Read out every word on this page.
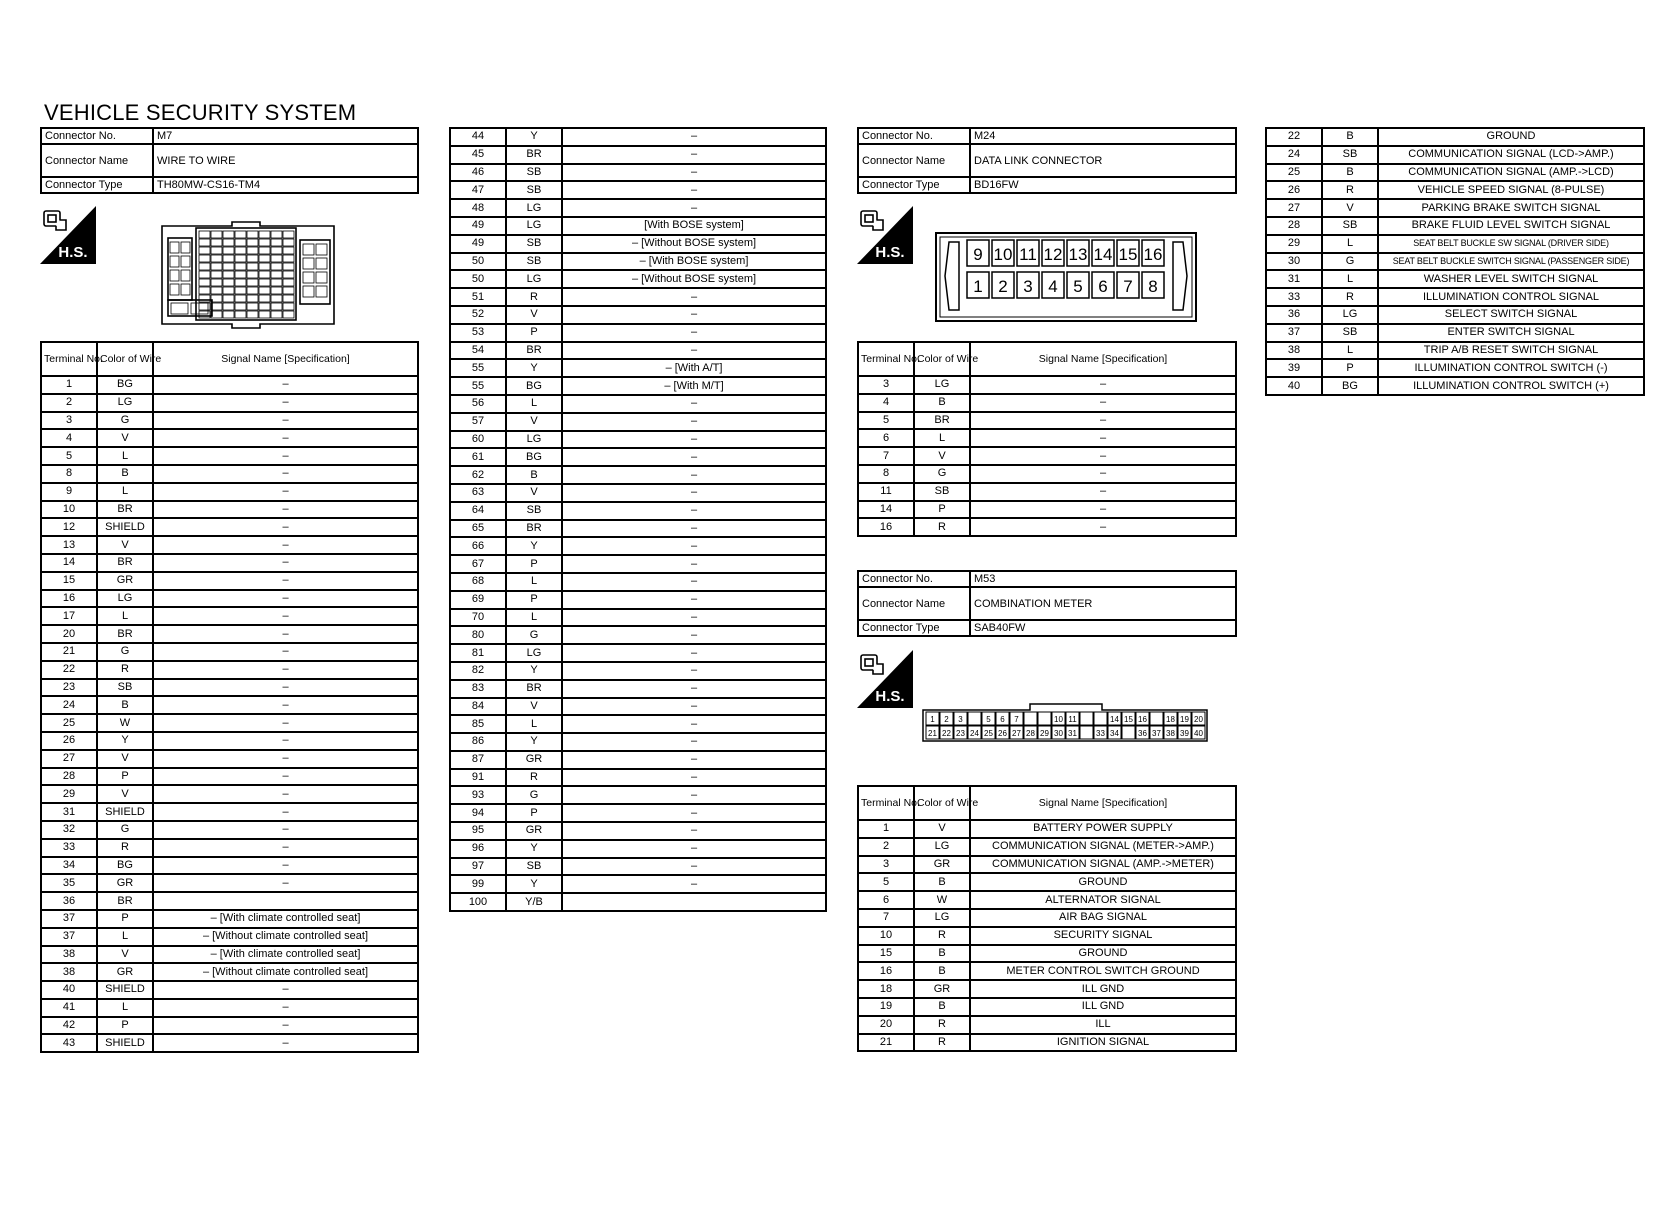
VEHICLE SECURITY SYSTEM
Connector No.	M7
Connector Name	WIRE TO WIRE
Connector Type	TH80MW-CS16-TM4
H.S.	H.S.
H.S.
9 10 11 12 13 14 15 16
1 2 3 4 5 6 7 8
1 2 3	5 6 7	10 11	14 15 16 18 19 20
21 22 23 24 25 26 27 28 29 30 31 33 34 36 37 38 39 40
Terminal No.	Color of Wire	Signal Name [Specification]
1	BG	–
2	LG	–
3	G	–
4	V	–
5	L	–
8	B	–
9	L	–
10	BR	–
12	SHIELD	–
13	V	–
14	BR	–
15	GR	–
16	LG	–
17	L	–
20	BR	–
21	G	–
22	R	–
23	SB	–
24	B	–
25	W	–
26	Y	–
27	V	–
28	P	–
29	V	–
31	SHIELD	–
32	G	–
33	R	–
34	BG	–
35	GR	–
36	BR	
37	P	– [With climate controlled seat]
37	L	– [Without climate controlled seat]
38	V	– [With climate controlled seat]
38	GR	– [Without climate controlled seat]
40	SHIELD	–
41	L	–
42	P	–
43	SHIELD	–
44	Y	–
45	BR	–
46	SB	–
47	SB	–
48	LG	–
49	LG	[With BOSE system]
49	SB	– [Without BOSE system]
50	SB	– [With BOSE system]
50	LG	– [Without BOSE system]
51	R	–
52	V	–
53	P	–
54	BR	–
55	Y	– [With A/T]
55	BG	– [With M/T]
56	L	–
57	V	–
60	LG	–
61	BG	–
62	B	–
63	V	–
64	SB	–
65	BR	–
66	Y	–
67	P	–
68	L	–
69	P	–
70	L	–
80	G	–
81	LG	–
82	Y	–
83	BR	–
84	V	–
85	L	–
86	Y	–
87	GR	–
91	R	–
93	G	–
94	P	–
95	GR	–
96	Y	–
97	SB	–
99	Y	–
100	Y/B	
Connector No.	M24
Connector Name	DATA LINK CONNECTOR
Connector Type	BD16FW
Terminal No.	Color of Wire	Signal Name [Specification]
3	LG	–
4	B	–
5	BR	–
6	L	–
7	V	–
8	G	–
11	SB	–
14	P	–
16	R	–
Connector No.	M53
Connector Name	COMBINATION METER
Connector Type	SAB40FW
Terminal No.	Color of Wire	Signal Name [Specification]
1	V	BATTERY POWER SUPPLY
2	LG	COMMUNICATION SIGNAL (METER->AMP.)
3	GR	COMMUNICATION SIGNAL (AMP.->METER)
5	B	GROUND
6	W	ALTERNATOR SIGNAL
7	LG	AIR BAG SIGNAL
10	R	SECURITY SIGNAL
15	B	GROUND
16	B	METER CONTROL SWITCH GROUND
18	GR	ILL GND
19	B	ILL GND
20	R	ILL
21	R	IGNITION SIGNAL
22	B	GROUND
24	SB	COMMUNICATION SIGNAL (LCD->AMP.)
25	B	COMMUNICATION SIGNAL (AMP.->LCD)
26	R	VEHICLE SPEED SIGNAL (8-PULSE)
27	V	PARKING BRAKE SWITCH SIGNAL
28	SB	BRAKE FLUID LEVEL SWITCH SIGNAL
29	L	SEAT BELT BUCKLE SW SIGNAL (DRIVER SIDE)
30	G	SEAT BELT BUCKLE SWITCH SIGNAL (PASSENGER SIDE)
31	L	WASHER LEVEL SWITCH SIGNAL
33	R	ILLUMINATION CONTROL SIGNAL
36	LG	SELECT SWITCH SIGNAL
37	SB	ENTER SWITCH SIGNAL
38	L	TRIP A/B RESET SWITCH SIGNAL
39	P	ILLUMINATION CONTROL SWITCH (-)
40	BG	ILLUMINATION CONTROL SWITCH (+)
